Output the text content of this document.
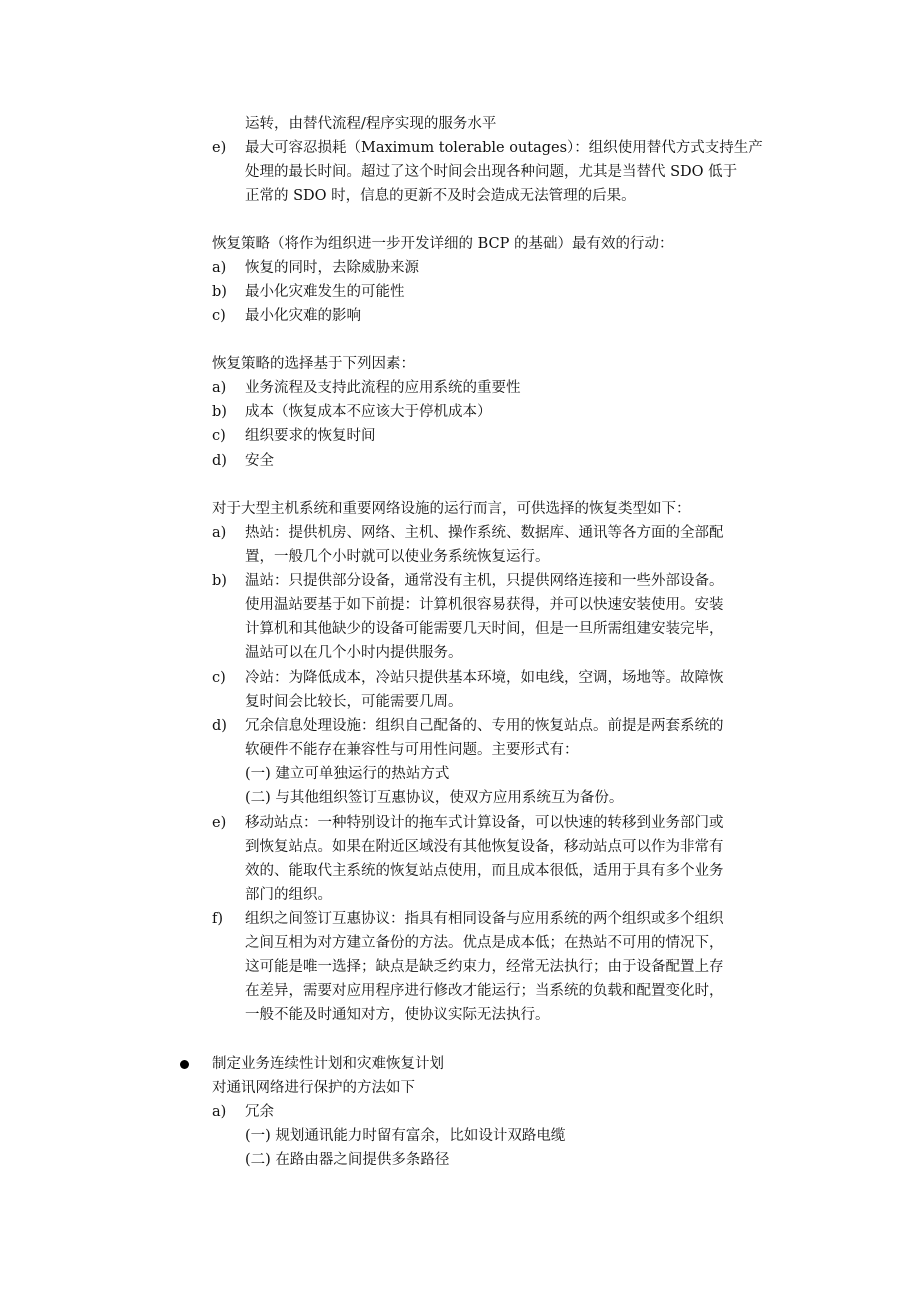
运转，由替代流程/程序实现的服务水平
e) 最大可容忍损耗（Maximum tolerable outages）：组织使用替代方式支持生产
处理的最长时间。超过了这个时间会出现各种问题，尤其是当替代 SDO 低于
正常的 SDO 时，信息的更新不及时会造成无法管理的后果。
恢复策略（将作为组织进一步开发详细的 BCP 的基础）最有效的行动：
a) 恢复的同时，去除威胁来源
b) 最小化灾难发生的可能性
c) 最小化灾难的影响
恢复策略的选择基于下列因素：
a) 业务流程及支持此流程的应用系统的重要性
b) 成本（恢复成本不应该大于停机成本）
c) 组织要求的恢复时间
d) 安全
对于大型主机系统和重要网络设施的运行而言，可供选择的恢复类型如下：
a) 热站：提供机房、网络、主机、操作系统、数据库、通讯等各方面的全部配
置，一般几个小时就可以使业务系统恢复运行。
b) 温站：只提供部分设备，通常没有主机，只提供网络连接和一些外部设备。
使用温站要基于如下前提：计算机很容易获得，并可以快速安装使用。安装
计算机和其他缺少的设备可能需要几天时间，但是一旦所需组建安装完毕，
温站可以在几个小时内提供服务。
c) 冷站：为降低成本，冷站只提供基本环境，如电线，空调，场地等。故障恢
复时间会比较长，可能需要几周。
d) 冗余信息处理设施：组织自己配备的、专用的恢复站点。前提是两套系统的
软硬件不能存在兼容性与可用性问题。主要形式有：
(一) 建立可单独运行的热站方式
(二) 与其他组织签订互惠协议，使双方应用系统互为备份。
e) 移动站点：一种特别设计的拖车式计算设备，可以快速的转移到业务部门或
到恢复站点。如果在附近区域没有其他恢复设备，移动站点可以作为非常有
效的、能取代主系统的恢复站点使用，而且成本很低，适用于具有多个业务
部门的组织。
f) 组织之间签订互惠协议：指具有相同设备与应用系统的两个组织或多个组织
之间互相为对方建立备份的方法。优点是成本低；在热站不可用的情况下，
这可能是唯一选择；缺点是缺乏约束力，经常无法执行；由于设备配置上存
在差异，需要对应用程序进行修改才能运行；当系统的负载和配置变化时，
一般不能及时通知对方，使协议实际无法执行。
制定业务连续性计划和灾难恢复计划
对通讯网络进行保护的方法如下
a) 冗余
(一) 规划通讯能力时留有富余，比如设计双路电缆
(二) 在路由器之间提供多条路径
